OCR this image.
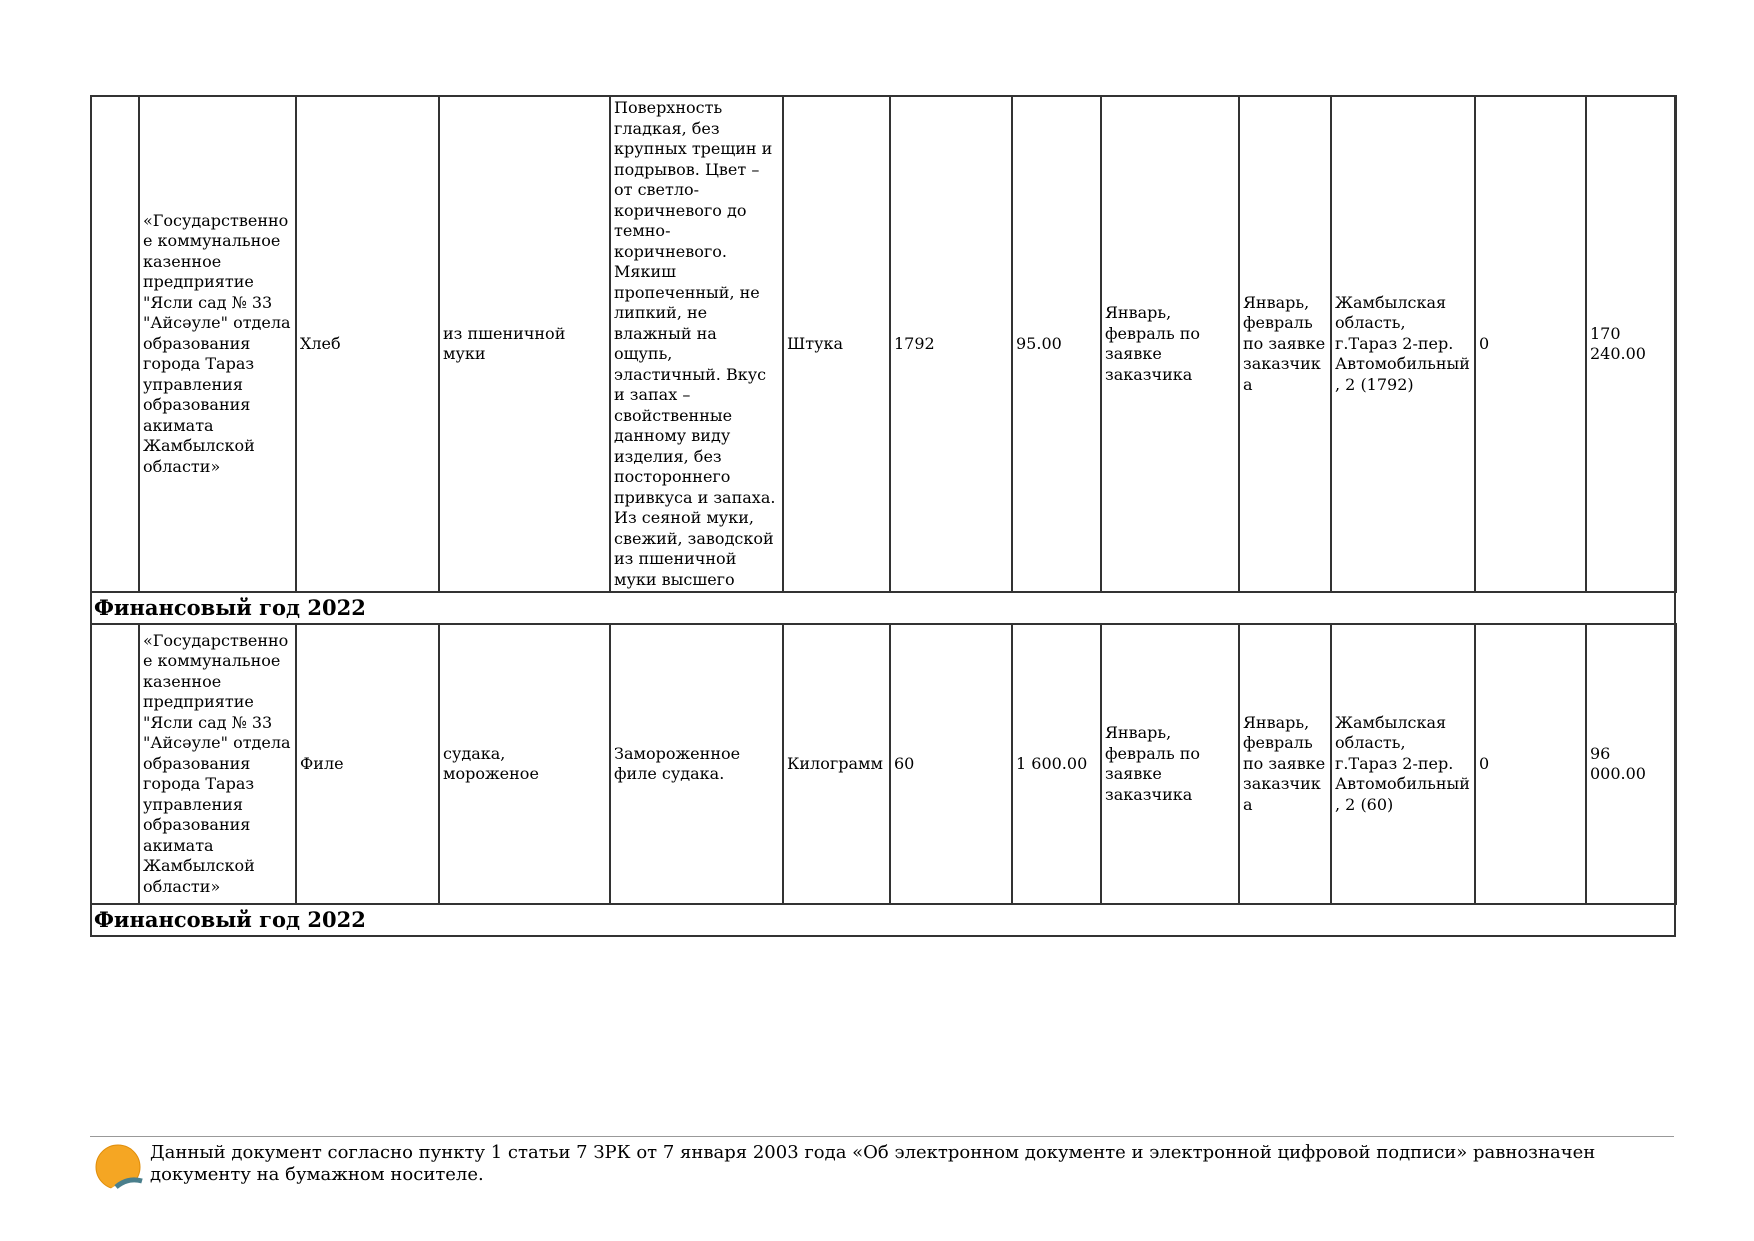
	«Государственное коммунальное казенное предприятие "Ясли сад № 33 "Айсәуле" отдела образования города Тараз управления образования акимата Жамбылской области»	Хлеб	из пшеничной муки	Поверхность гладкая, без крупных трещин и подрывов. Цвет – от светло-коричневого до темно-коричневого. Мякиш пропеченный, не липкий, не влажный на ощупь, эластичный. Вкус и запах – свойственные данному виду изделия, без постороннего привкуса и запаха. Из сеяной муки, свежий, заводской из пшеничной муки высшего	Штука	1792	95.00	Январь, февраль по заявке заказчика	Январь, февраль по заявке заказчика	Жамбылская область, г.Тараз 2-пер. Автомобильный, 2 (1792)	0	170 240.00
Финансовый год 2022												
	«Государственное коммунальное казенное предприятие "Ясли сад № 33 "Айсәуле" отдела образования города Тараз управления образования акимата Жамбылской области»	Филе	судака, мороженое	Замороженное филе судака.	Килограмм	60	1 600.00	Январь, февраль по заявке заказчика	Январь, февраль по заявке заказчика	Жамбылская область, г.Тараз 2-пер. Автомобильный, 2 (60)	0	96 000.00
Финансовый год 2022												
Данный документ согласно пункту 1 статьи 7 ЗРК от 7 января 2003 года «Об электронном документе и электронной цифровой подписи» равнозначен документу на бумажном носителе.
